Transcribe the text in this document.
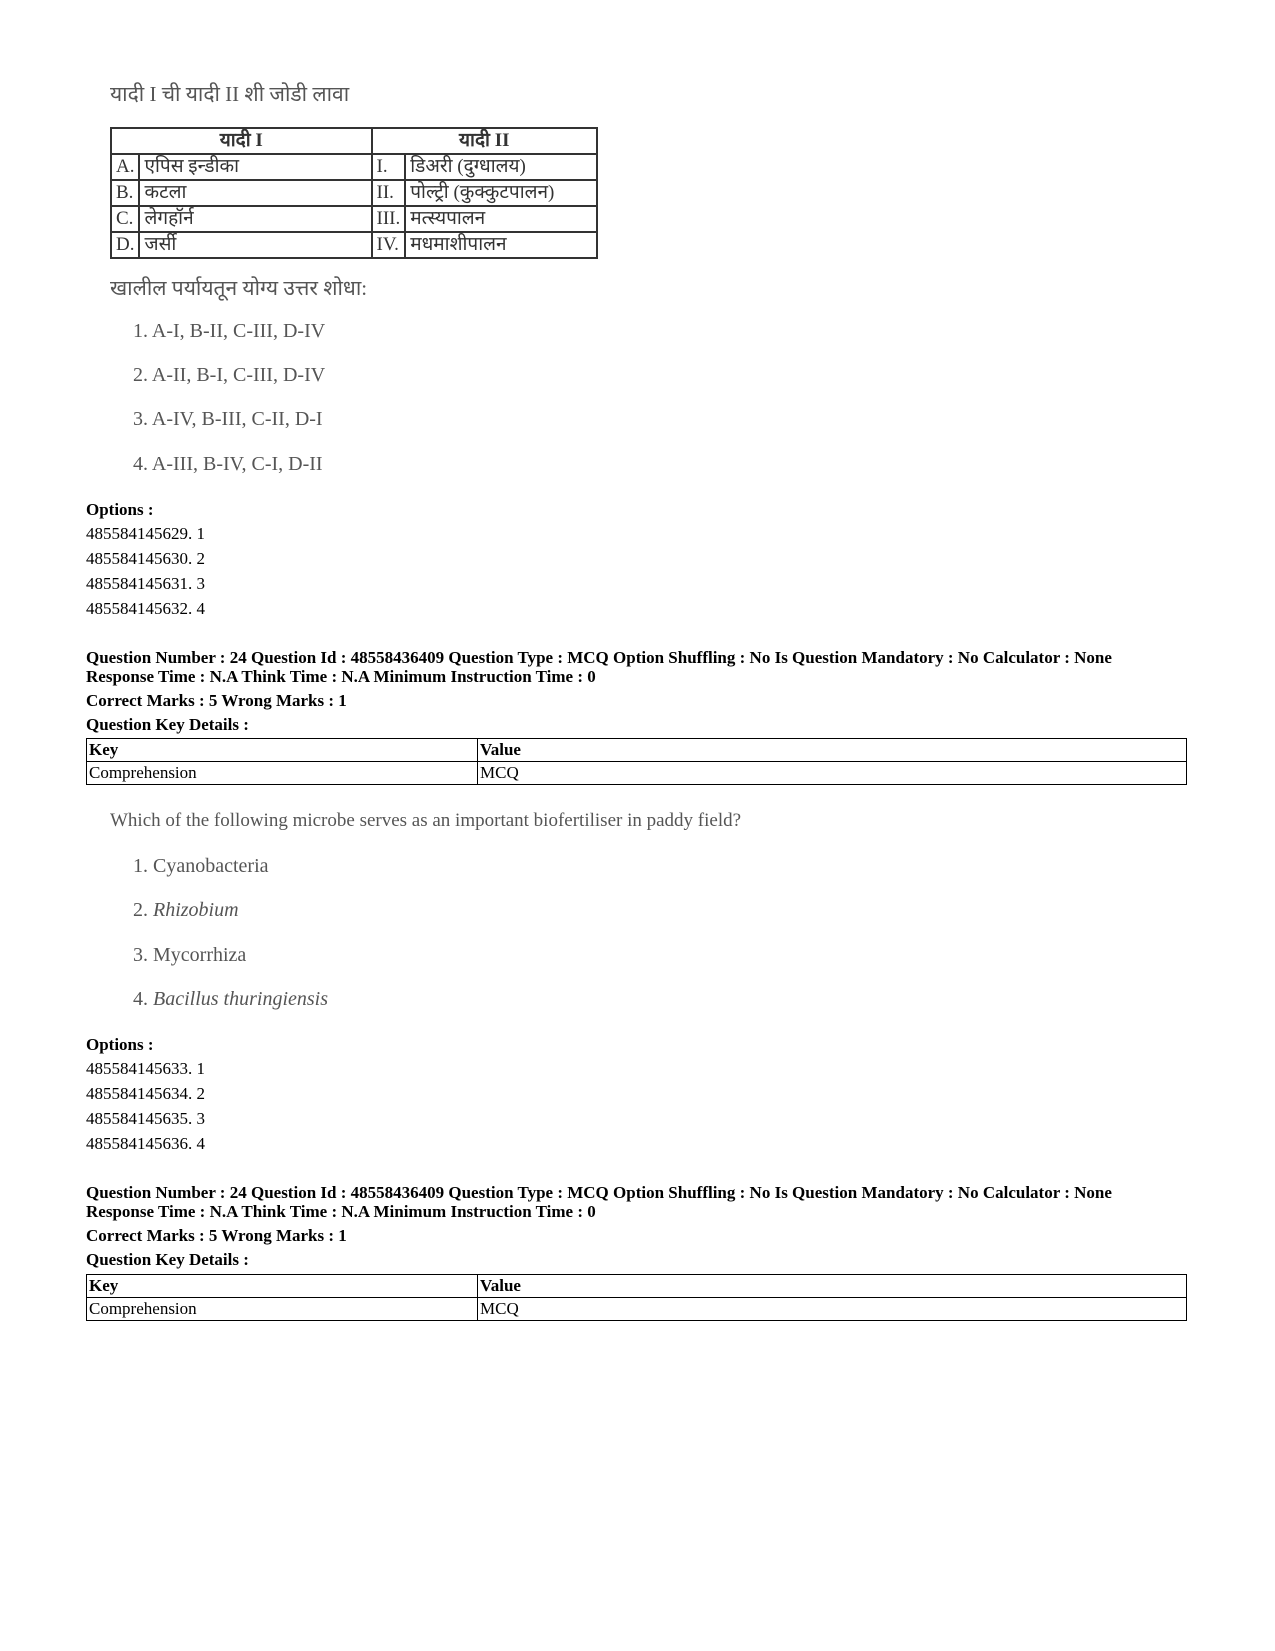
यादी I ची यादी II शी जोडी लावा
यादी I		यादी II	
A.	एपिस इन्डीका	I.	डिअरी (दुग्धालय)
B.	कटला	II.	पोल्ट्री (कुक्कुटपालन)
C.	लेगहॉर्न	III.	मत्स्यपालन
D.	जर्सी	IV.	मधमाशीपालन
खालील पर्यायतून योग्य उत्तर शोधा:
1. A-I, B-II, C-III, D-IV
2. A-II, B-I, C-III, D-IV
3. A-IV, B-III, C-II, D-I
4. A-III, B-IV, C-I, D-II
Options :
485584145629. 1
485584145630. 2
485584145631. 3
485584145632. 4
Question Number : 24 Question Id : 48558436409 Question Type : MCQ Option Shuffling : No Is Question Mandatory : No Calculator : None
Response Time : N.A Think Time : N.A Minimum Instruction Time : 0
Correct Marks : 5 Wrong Marks : 1
Question Key Details :
Key	Value
Comprehension	MCQ
Which of the following microbe serves as an important biofertiliser in paddy field?
1. Cyanobacteria
2. Rhizobium
3. Mycorrhiza
4. Bacillus thuringiensis
Options :
485584145633. 1
485584145634. 2
485584145635. 3
485584145636. 4
Question Number : 24 Question Id : 48558436409 Question Type : MCQ Option Shuffling : No Is Question Mandatory : No Calculator : None
Response Time : N.A Think Time : N.A Minimum Instruction Time : 0
Correct Marks : 5 Wrong Marks : 1
Question Key Details :
Key	Value
Comprehension	MCQ
